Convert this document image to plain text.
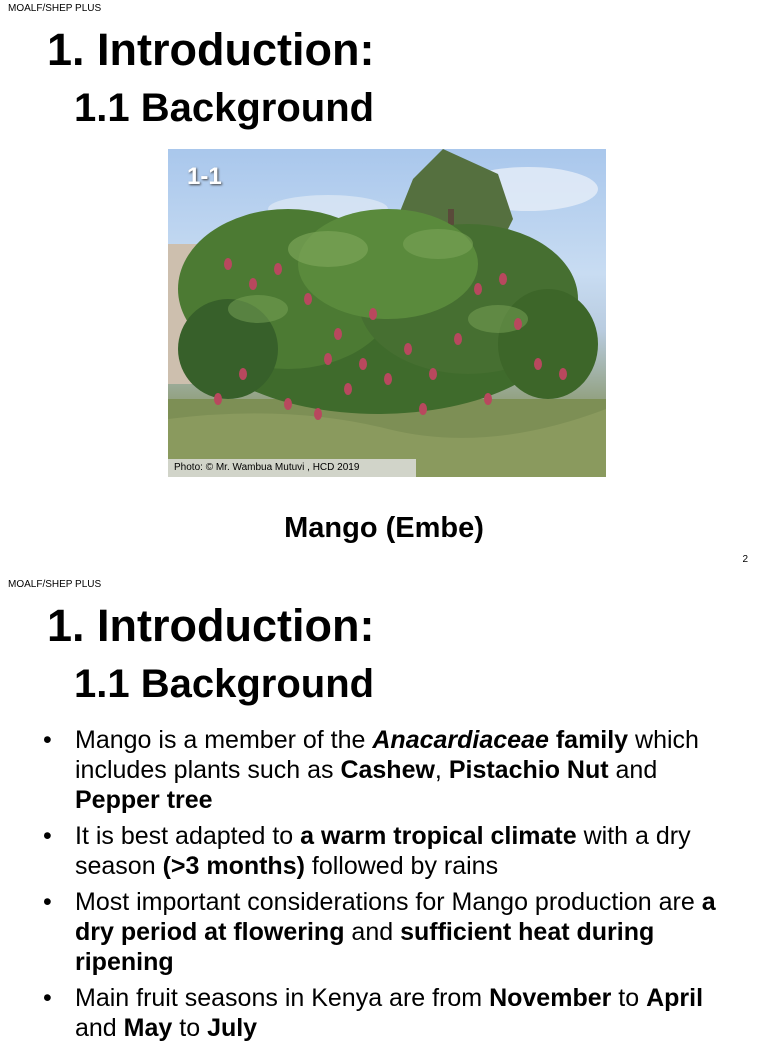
MOALF/SHEP PLUS
1. Introduction:
1.1 Background
1-1
Photo: © Mr. Wambua Mutuvi , HCD 2019
Mango (Embe)
2
MOALF/SHEP PLUS
1. Introduction:
1.1 Background
• Mango is a member of the Anacardiaceae family which includes plants such as Cashew, Pistachio Nut and Pepper tree
• It is best adapted to a warm tropical climate with a dry season (>3 months) followed by rains
• Most important considerations for Mango production are a dry period at flowering and sufficient heat during ripening
• Main fruit seasons in Kenya are from November to April and May to July
